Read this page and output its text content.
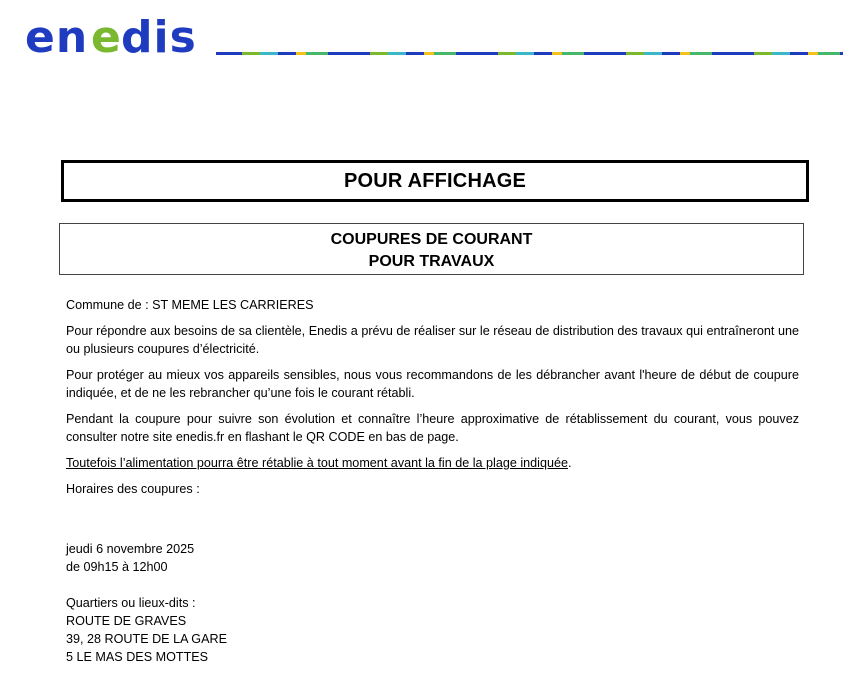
en e dis
POUR AFFICHAGE
COUPURES DE COURANT
POUR TRAVAUX

Commune de : ST MEME LES CARRIERES

Pour répondre aux besoins de sa clientèle, Enedis a prévu de réaliser sur le réseau de distribution des travaux qui entraîneront une ou plusieurs coupures d’électricité.

Pour protéger au mieux vos appareils sensibles, nous vous recommandons de les débrancher avant l'heure de début de coupure indiquée, et de ne les rebrancher qu’une fois le courant rétabli.

Pendant la coupure pour suivre son évolution et connaître l’heure approximative de rétablissement du courant, vous pouvez consulter notre site enedis.fr en flashant le QR CODE en bas de page.

Toutefois l’alimentation pourra être rétablie à tout moment avant la fin de la plage indiquée.

Horaires des coupures :

jeudi 6 novembre 2025
de 09h15 à 12h00
Quartiers ou lieux-dits :
ROUTE DE GRAVES
39, 28 ROUTE DE LA GARE
5 LE MAS DES MOTTES
